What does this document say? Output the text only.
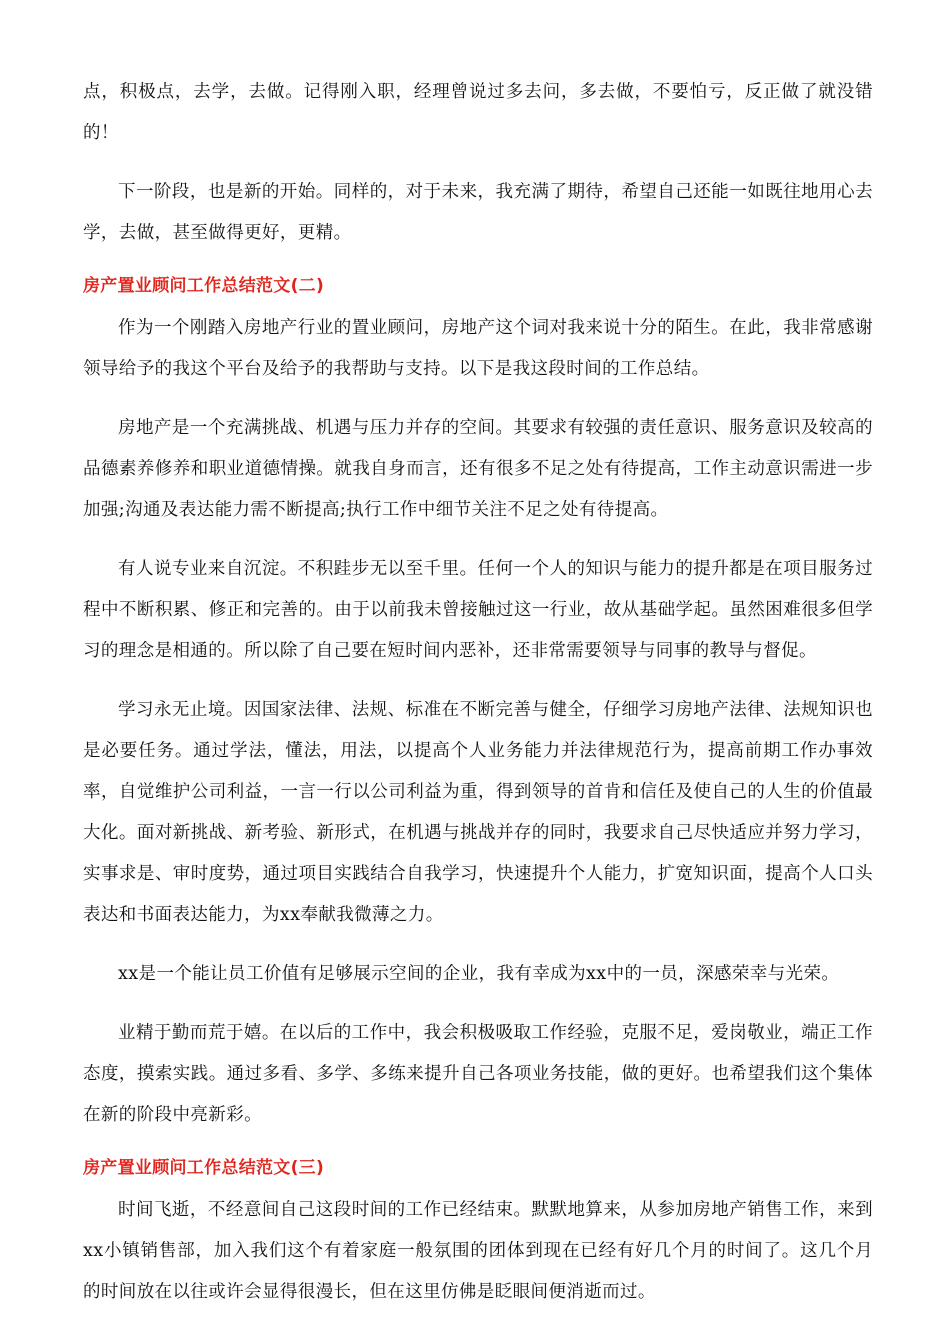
点，积极点，去学，去做。记得刚入职，经理曾说过多去问，多去做，不要怕亏，反正做了就没错的！

下一阶段，也是新的开始。同样的，对于未来，我充满了期待，希望自己还能一如既往地用心去学，去做，甚至做得更好，更精。

房产置业顾问工作总结范文(二)

作为一个刚踏入房地产行业的置业顾问，房地产这个词对我来说十分的陌生。在此，我非常感谢领导给予的我这个平台及给予的我帮助与支持。以下是我这段时间的工作总结。

房地产是一个充满挑战、机遇与压力并存的空间。其要求有较强的责任意识、服务意识及较高的品德素养修养和职业道德情操。就我自身而言，还有很多不足之处有待提高，工作主动意识需进一步加强;沟通及表达能力需不断提高;执行工作中细节关注不足之处有待提高。

有人说专业来自沉淀。不积跬步无以至千里。任何一个人的知识与能力的提升都是在项目服务过程中不断积累、修正和完善的。由于以前我未曾接触过这一行业，故从基础学起。虽然困难很多但学习的理念是相通的。所以除了自己要在短时间内恶补，还非常需要领导与同事的教导与督促。

学习永无止境。因国家法律、法规、标准在不断完善与健全，仔细学习房地产法律、法规知识也是必要任务。通过学法，懂法，用法，以提高个人业务能力并法律规范行为，提高前期工作办事效率，自觉维护公司利益，一言一行以公司利益为重，得到领导的首肯和信任及使自己的人生的价值最大化。面对新挑战、新考验、新形式，在机遇与挑战并存的同时，我要求自己尽快适应并努力学习，实事求是、审时度势，通过项目实践结合自我学习，快速提升个人能力，扩宽知识面，提高个人口头表达和书面表达能力，为xx奉献我微薄之力。

xx是一个能让员工价值有足够展示空间的企业，我有幸成为xx中的一员，深感荣幸与光荣。

业精于勤而荒于嬉。在以后的工作中，我会积极吸取工作经验，克服不足，爱岗敬业，端正工作态度，摸索实践。通过多看、多学、多练来提升自己各项业务技能，做的更好。也希望我们这个集体在新的阶段中亮新彩。

房产置业顾问工作总结范文(三)

时间飞逝，不经意间自己这段时间的工作已经结束。默默地算来，从参加房地产销售工作，来到xx小镇销售部，加入我们这个有着家庭一般氛围的团体到现在已经有好几个月的时间了。这几个月的时间放在以往或许会显得很漫长，但在这里仿佛是眨眼间便消逝而过。
